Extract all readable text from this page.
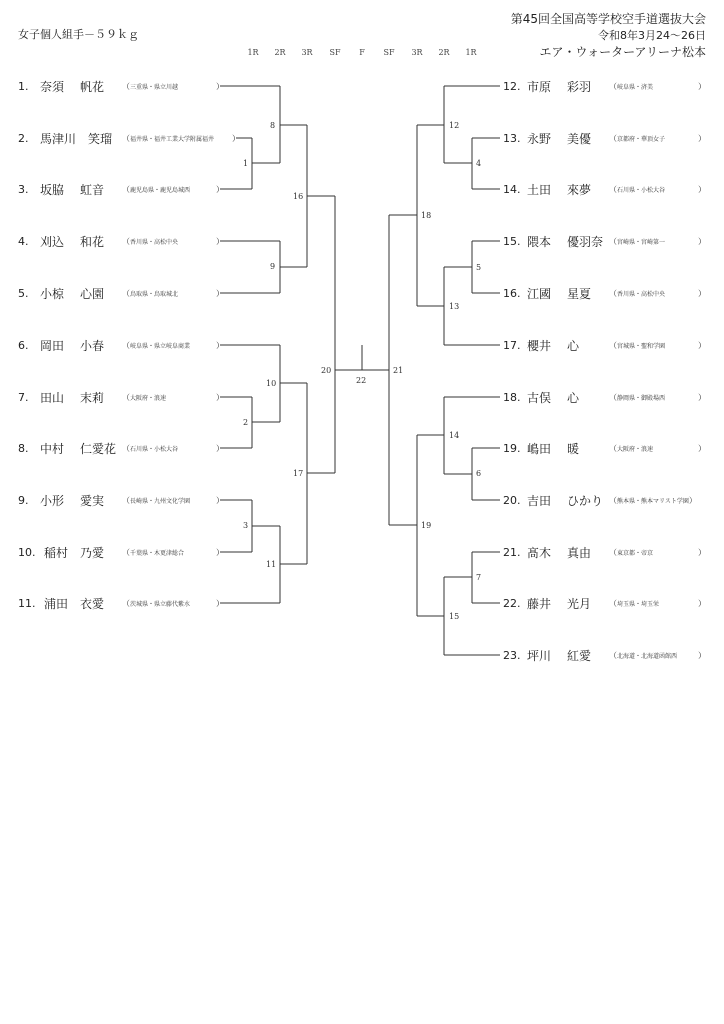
女子個人組手－５９ｋｇ
第45回全国高等学校空手道選抜大会
令和8年3月24〜26日
エア・ウォーターアリーナ松本
1R 2R 3R SF F SF 3R 2R 1R
1
8
9
16
10
2
3
11
17
20
22
21
12
4
18
5
13
14
6
19
7
15
1. 奈須	帆花	（三重県・県立川越
2. 馬津川 笑瑠	（福井県・福井工業大学附属福井
3. 坂脇	虹音	（鹿児島県・鹿児島城西
4. 刈込	和花	（香川県・高松中央
5. 小椋	心園	（鳥取県・鳥取城北
6. 岡田	小春	（岐阜県・県立岐阜商業
7. 田山	末莉	（大阪府・浪速
8. 中村	仁愛花 （石川県・小松大谷
9. 小形	愛実	（長崎県・九州文化学園
10. 稲村 乃愛	（千葉県・木更津総合
11. 浦田 衣愛	（茨城県・県立藤代紫水
）
）
）
）
）
）
）
）
）
）
）
12. 市原	彩羽	（岐阜県・済美
13. 永野	美優	（京都府・華頂女子
14. 土田	來夢	（石川県・小松大谷
15. 隈本	優羽奈 （宮崎県・宮崎第一
16. 江國	星夏	（香川県・高松中央
17. 櫻井	心	（宮城県・聖和学園
18. 古俣	心	（静岡県・御殿場西
19. 嶋田	暖	（大阪府・浪速
20. 吉田	ひかり （熊本県・熊本マリスト学園）
21. 髙木	真由	（東京都・帝京
22. 藤井	光月	（埼玉県・埼玉栄
23. 坪川	紅愛	（北海道・北海道函館西
）
）
）
）
）
）
）
）
）
）
）
